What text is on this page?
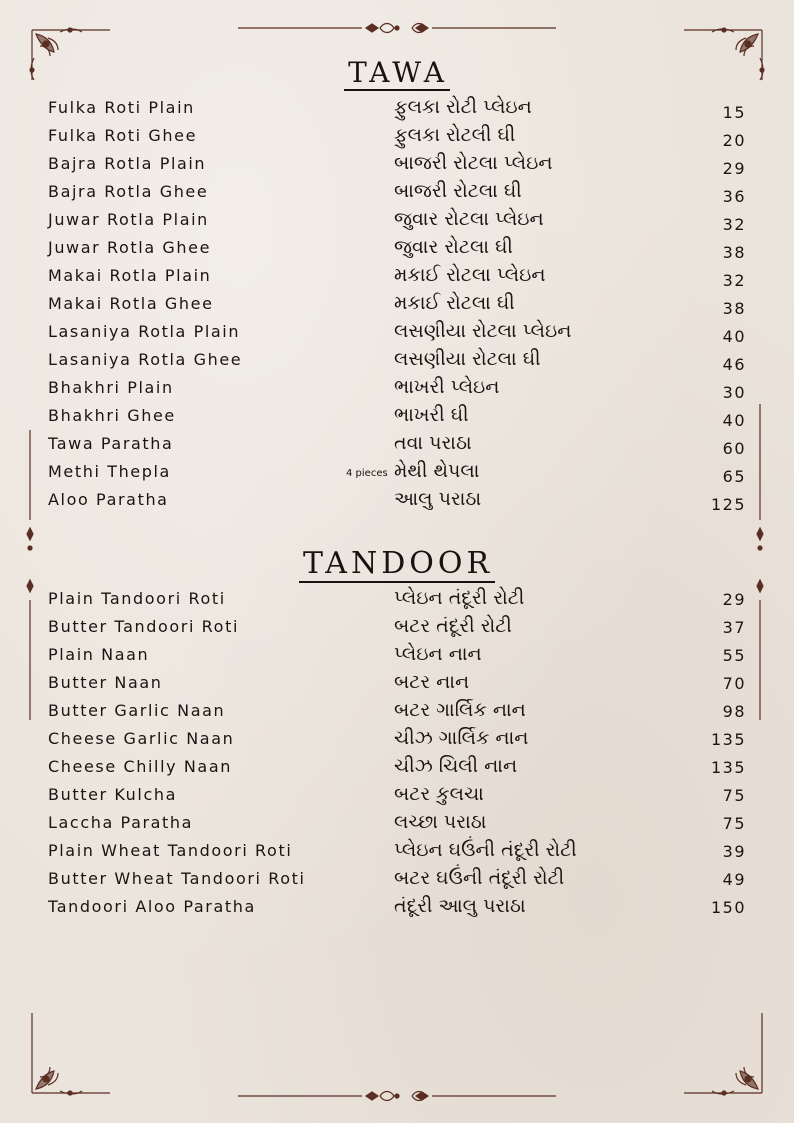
TAWA
Fulka Roti Plain	ફુલકા રોટી પ્લેઇન	15
Fulka Roti Ghee	ફુલકા રોટલી ઘી	20
Bajra Rotla Plain	બાજરી રોટલા પ્લેઇન	29
Bajra Rotla Ghee	બાજરી રોટલા ઘી	36
Juwar Rotla Plain	જુવાર રોટલા પ્લેઇન	32
Juwar Rotla Ghee	જુવાર રોટલા ઘી	38
Makai Rotla Plain	મકાઈ રોટલા પ્લેઇન	32
Makai Rotla Ghee	મકાઈ રોટલા ઘી	38
Lasaniya Rotla Plain	લસણીયા રોટલા પ્લેઇન	40
Lasaniya Rotla Ghee	લસણીયા રોટલા ઘી	46
Bhakhri Plain	ભાખરી પ્લેઇન	30
Bhakhri Ghee	ભાખરી ઘી	40
Tawa Paratha	તવા પરાઠા	60
Methi Thepla	4 pieces મેથી થેપલા	65
Aloo Paratha	આલુ પરાઠા	125
TANDOOR
Plain Tandoori Roti	પ્લેઇન તંદૂરી રોટી	29
Butter Tandoori Roti	બટર તંદૂરી રોટી	37
Plain Naan	પ્લેઇન નાન	55
Butter Naan	બટર નાન	70
Butter Garlic Naan	બટર ગાર્લિક નાન	98
Cheese Garlic Naan	ચીઝ ગાર્લિક નાન	135
Cheese Chilly Naan	ચીઝ ચિલી નાન	135
Butter Kulcha	બટર કુલચા	75
Laccha Paratha	લચ્છા પરાઠા	75
Plain Wheat Tandoori Roti	પ્લેઇન ઘઉંની તંદૂરી રોટી	39
Butter Wheat Tandoori Roti	બટર ઘઉંની તંદૂરી રોટી	49
Tandoori Aloo Paratha	તંદૂરી આલુ પરાઠા	150
